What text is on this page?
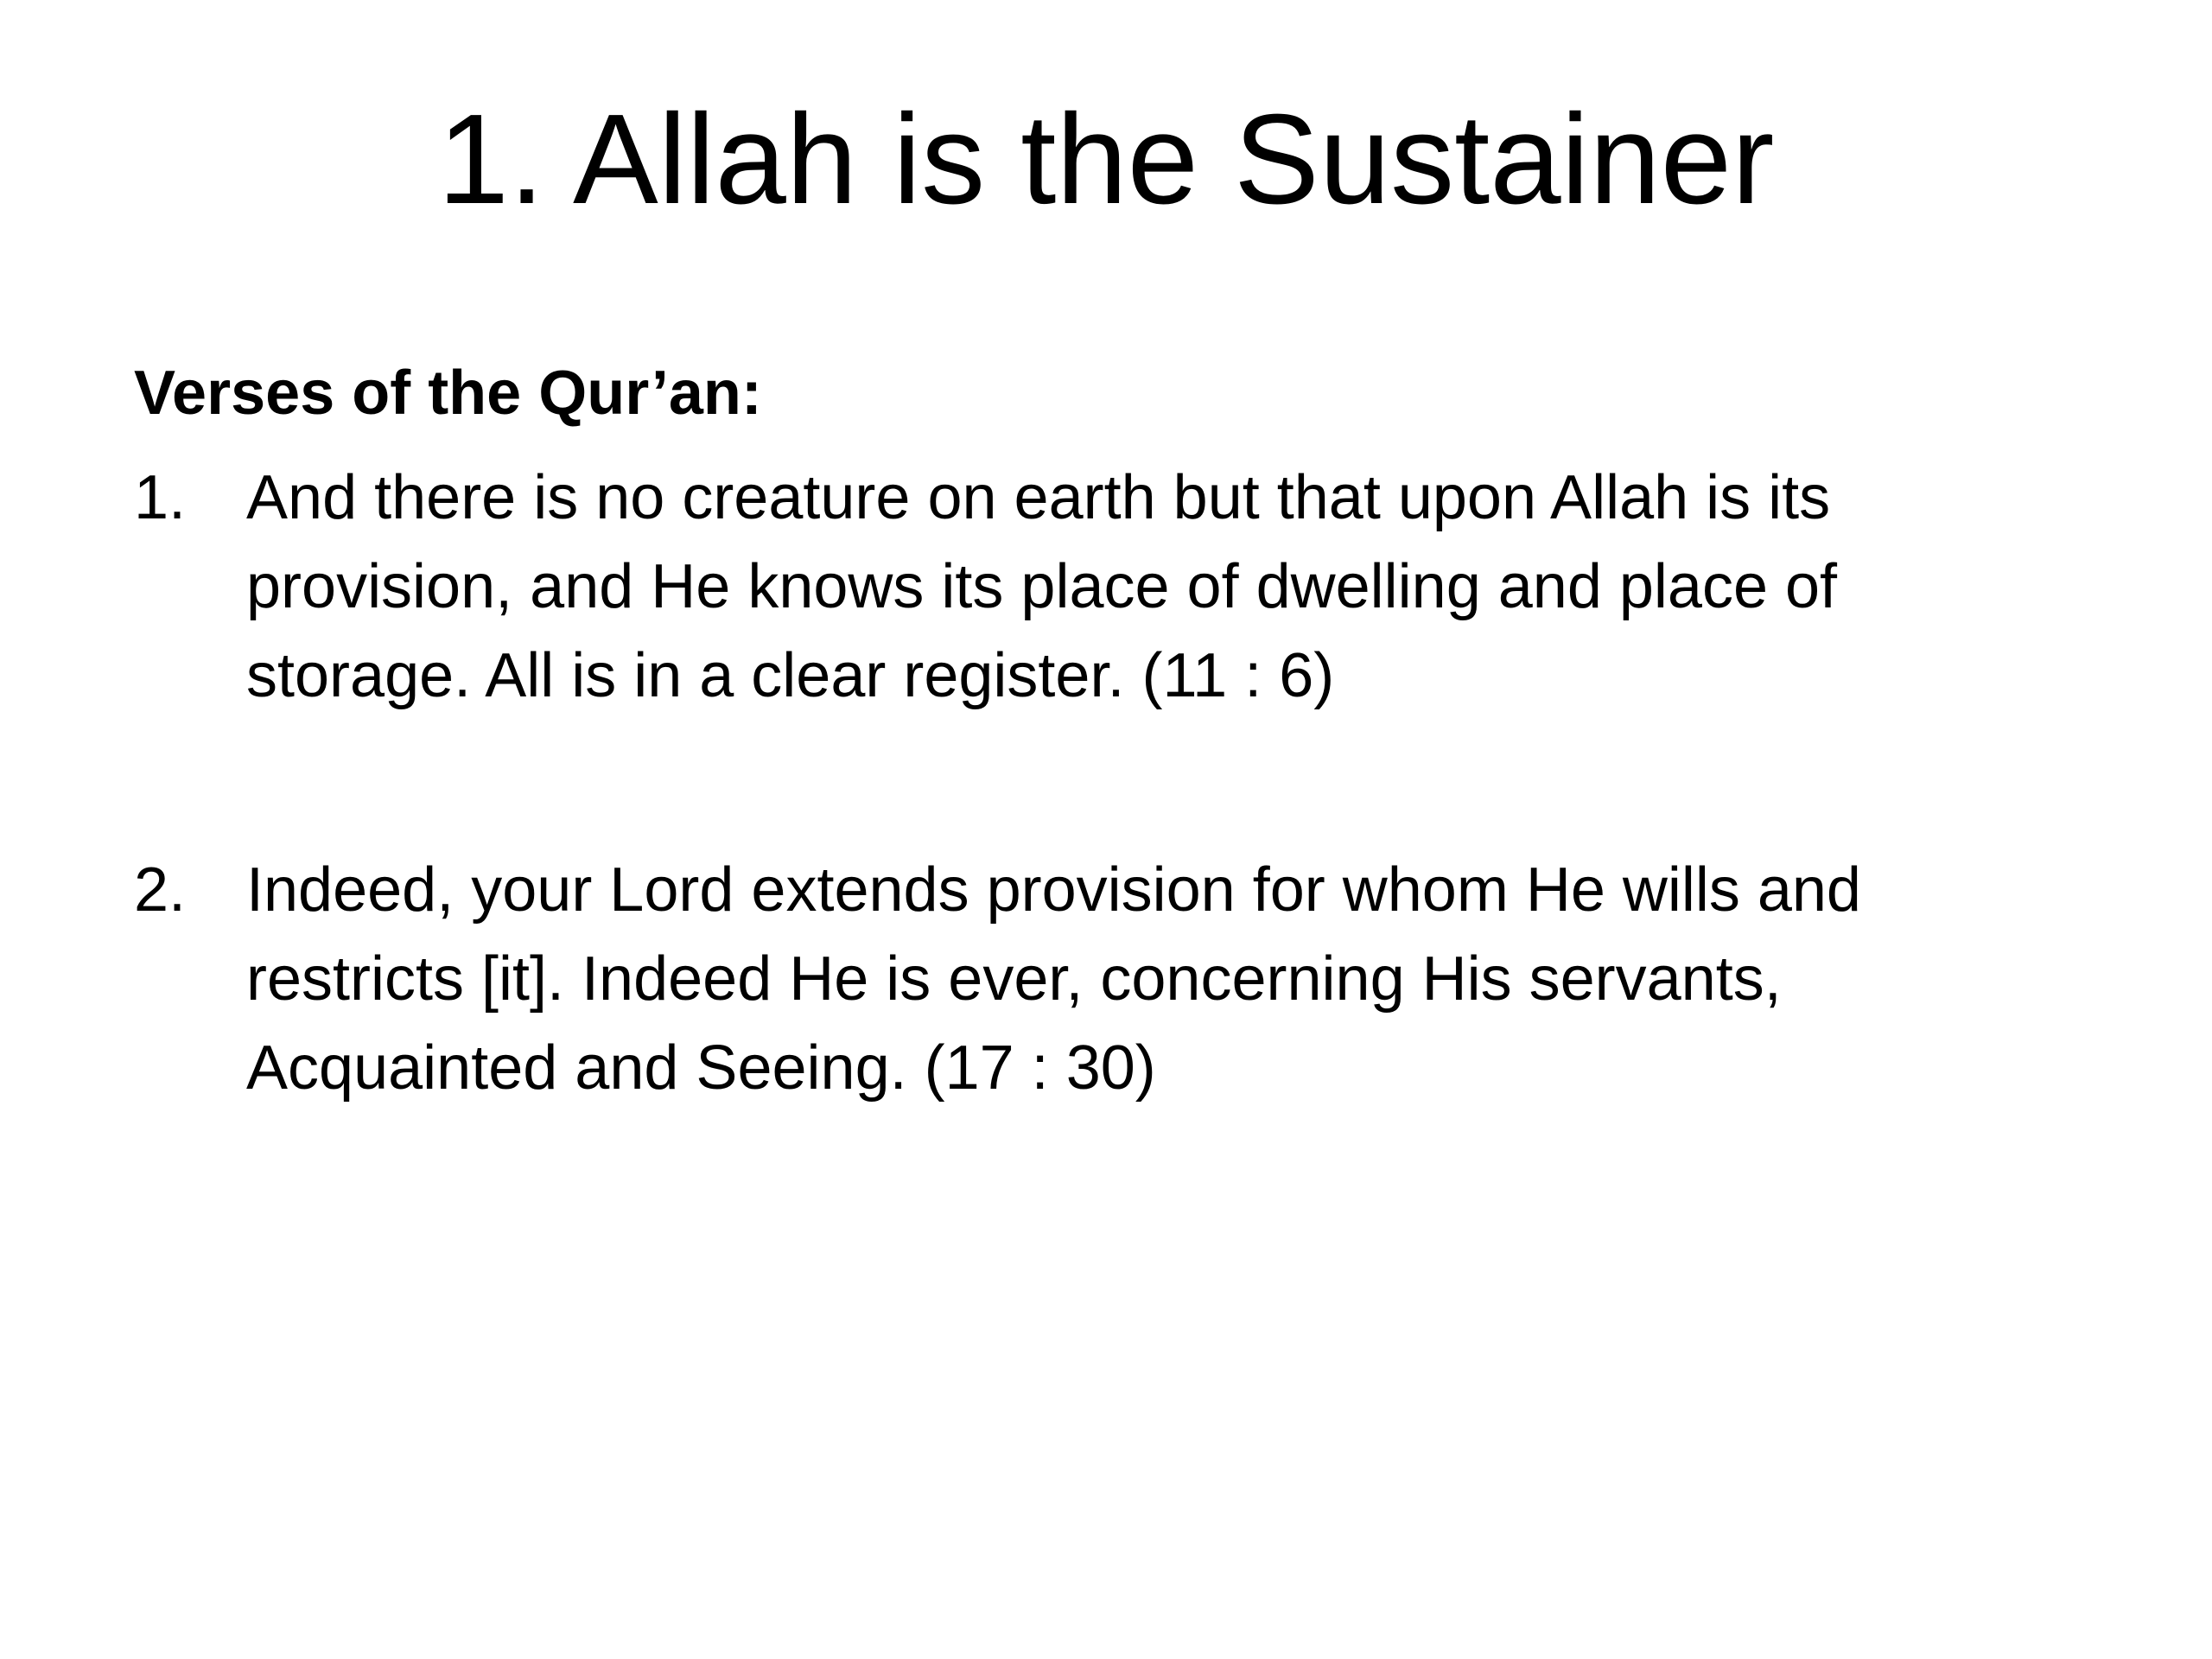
1. Allah is the Sustainer
Verses of the Qur’an:
1. And there is no creature on earth but that upon Allah is its provision, and He knows its place of dwelling and place of storage. All is in a clear register. (11 : 6)
2. Indeed, your Lord extends provision for whom He wills and restricts [it]. Indeed He is ever, concerning His servants, Acquainted and Seeing. (17 : 30)
